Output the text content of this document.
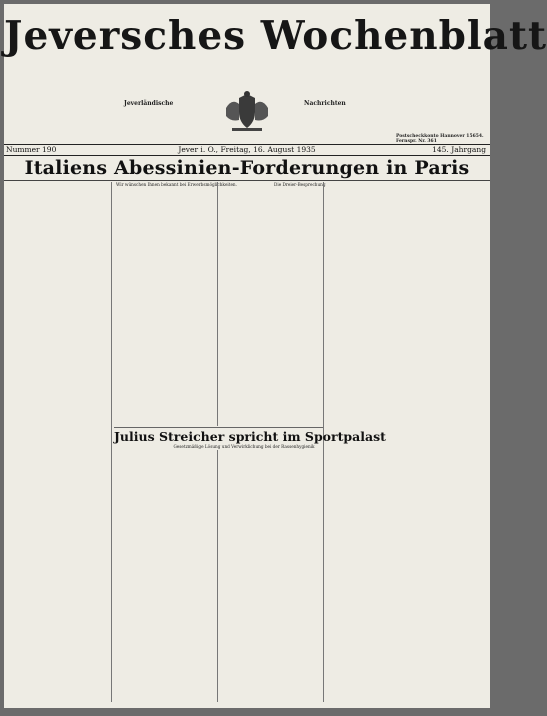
Jeversches Wochenblatt
Jeverländische	Nachrichten
Postscheckkonto Hannover 15654. Fernspr. Nr. 361
Nummer 190	Jever i. O., Freitag, 16. August 1935	145. Jahrgang
Italiens Abessinien-Forderungen in Paris
Wir wünschen Ihnen bekannt bei Erwerbsmöglichkeiten.	Die Dreier-Besprechung
Julius Streicher spricht im Sportpalast
Gesetzmäßige Lösung und Verwirklichung bei der Rassenhygienik
